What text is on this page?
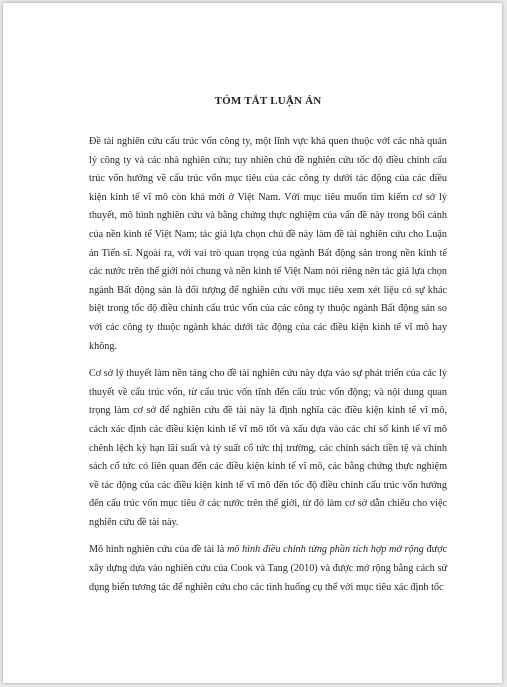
TÓM TẮT LUẬN ÁN

Đề tài nghiên cứu cấu trúc vốn công ty, một lĩnh vực khá quen thuộc với các nhà quản lý công ty và các nhà nghiên cứu; tuy nhiên chủ đề nghiên cứu tốc độ điều chỉnh cấu trúc vốn hướng về cấu trúc vốn mục tiêu của các công ty dưới tác động của các điều kiện kinh tế vĩ mô còn khá mới ở Việt Nam. Với mục tiêu muốn tìm kiếm cơ sở lý thuyết, mô hình nghiên cứu và bằng chứng thực nghiệm của vấn đề này trong bối cảnh của nền kinh tế Việt Nam; tác giả lựa chọn chủ đề này làm đề tài nghiên cứu cho Luận án Tiến sĩ. Ngoài ra, với vai trò quan trọng của ngành Bất động sản trong nền kinh tế các nước trên thế giới nói chung và nền kinh tế Việt Nam nói riêng nên tác giả lựa chọn ngành Bất động sản là đối tượng để nghiên cứu với mục tiêu xem xét liệu có sự khác biệt trong tốc độ điều chỉnh cấu trúc vốn của các công ty thuộc ngành Bất động sản so với các công ty thuộc ngành khác dưới tác động của các điều kiện kinh tế vĩ mô hay không.

Cơ sở lý thuyết làm nền tảng cho đề tài nghiên cứu này dựa vào sự phát triển của các lý thuyết về cấu trúc vốn, từ cấu trúc vốn tĩnh đến cấu trúc vốn động; và nội dung quan trọng làm cơ sở để nghiên cứu đề tài này là định nghĩa các điều kiện kinh tế vĩ mô, cách xác định các điều kiện kinh tế vĩ mô tốt và xấu dựa vào các chỉ số kinh tế vĩ mô chênh lệch kỳ hạn lãi suất và tỷ suất cổ tức thị trường, các chính sách tiền tệ và chính sách cổ tức có liên quan đến các điều kiện kinh tế vĩ mô, các bằng chứng thực nghiệm về tác động của các điều kiện kinh tế vĩ mô đến tốc độ điều chỉnh cấu trúc vốn hướng đến cấu trúc vốn mục tiêu ở các nước trên thế giới, từ đó làm cơ sở dẫn chiếu cho việc nghiên cứu đề tài này.

Mô hình nghiên cứu của đề tài là mô hình điều chỉnh từng phần tích hợp mở rộng được xây dựng dựa vào nghiên cứu của Cook và Tang (2010) và được mở rộng bằng cách sử dụng biến tương tác để nghiên cứu cho các tình huống cụ thể với mục tiêu xác định tốc
